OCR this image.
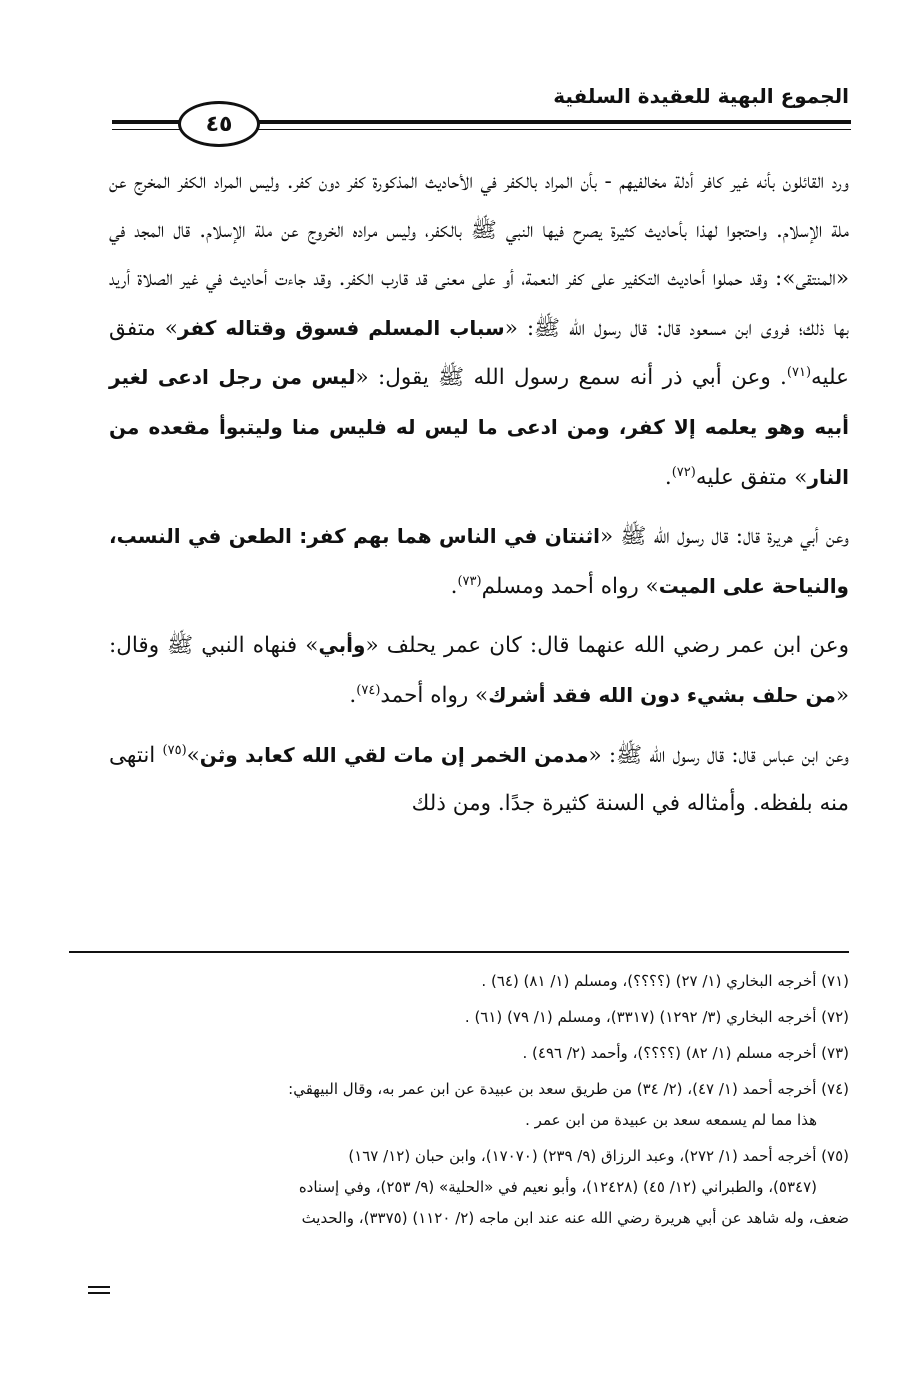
الجموع البهية للعقيدة السلفية
٤٥

ورد القائلون بأنه غير كافر أدلة مخالفيهم - بأن المراد بالكفر في الأحاديث المذكورة كفر دون كفر. وليس المراد الكفر المخرج عن ملة الإسلام. واحتجوا لهذا بأحاديث كثيرة يصرح فيها النبي ﷺ بالكفر، وليس مراده الخروج عن ملة الإسلام. قال المجد في «المنتقى»: وقد حملوا أحاديث التكفير على كفر النعمة، أو على معنى قد قارب الكفر. وقد جاءت أحاديث في غير الصلاة أريد بها ذلك؛ فروى ابن مسعود قال: قال رسول الله ﷺ: «سباب المسلم فسوق وقتاله كفر» متفق عليه$^{(٧١)}$. وعن أبي ذر أنه سمع رسول الله ﷺ يقول: «ليس من رجل ادعى لغير أبيه وهو يعلمه إلا كفر، ومن ادعى ما ليس له فليس منا وليتبوأ مقعده من النار» متفق عليه$^{(٧٢)}$.

وعن أبي هريرة قال: قال رسول الله ﷺ «اثنتان في الناس هما بهم كفر: الطعن في النسب، والنياحة على الميت» رواه أحمد ومسلم$^{(٧٣)}$.

وعن ابن عمر رضي الله عنهما قال: كان عمر يحلف «وأبي» فنهاه النبي ﷺ وقال: «من حلف بشيء دون الله فقد أشرك» رواه أحمد$^{(٧٤)}$.

وعن ابن عباس قال: قال رسول الله ﷺ: «مدمن الخمر إن مات لقي الله كعابد وثن»$^{(٧٥)}$ انتهى منه بلفظه. وأمثاله في السنة كثيرة جدًا. ومن ذلك

(٧١) أخرجه البخاري (١/ ٢٧) (؟؟؟؟)، ومسلم (١/ ٨١) (٦٤) .
(٧٢) أخرجه البخاري (٣/ ١٢٩٢) (٣٣١٧)، ومسلم (١/ ٧٩) (٦١) .
(٧٣) أخرجه مسلم (١/ ٨٢) (؟؟؟؟)، وأحمد (٢/ ٤٩٦) .
(٧٤) أخرجه أحمد (١/ ٤٧)، (٢/ ٣٤) من طريق سعد بن عبيدة عن ابن عمر به، وقال البيهقي:
هذا مما لم يسمعه سعد بن عبيدة من ابن عمر .
(٧٥) أخرجه أحمد (١/ ٢٧٢)، وعبد الرزاق (٩/ ٢٣٩) (١٧٠٧٠)، وابن حبان (١٢/ ١٦٧)
(٥٣٤٧)، والطبراني (١٢/ ٤٥) (١٢٤٢٨)، وأبو نعيم في «الحلية» (٩/ ٢٥٣)، وفي إسناده
ضعف، وله شاهد عن أبي هريرة رضي الله عنه عند ابن ماجه (٢/ ١١٢٠) (٣٣٧٥)، والحديث
